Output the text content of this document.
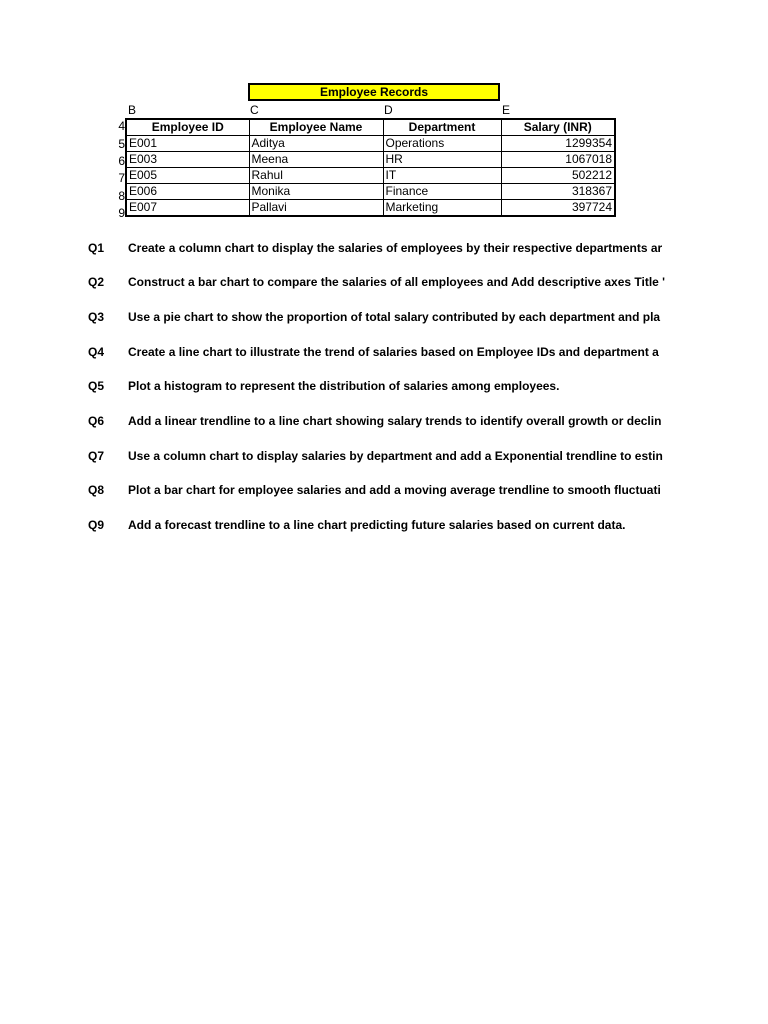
Employee Records
B	C	D	E
4
5
6
7
8
9
Employee ID	Employee Name	Department	Salary (INR)
E001	Aditya	Operations	1299354
E003	Meena	HR	1067018
E005	Rahul	IT	502212
E006	Monika	Finance	318367
E007	Pallavi	Marketing	397724
Q1 Create a column chart to display the salaries of employees by their respective departments ar
Q2 Construct a bar chart to compare the salaries of all employees and Add descriptive axes Title '
Q3 Use a pie chart to show the proportion of total salary contributed by each department and pla
Q4 Create a line chart to illustrate the trend of salaries based on Employee IDs and department a
Q5 Plot a histogram to represent the distribution of salaries among employees.
Q6 Add a linear trendline to a line chart showing salary trends to identify overall growth or declin
Q7 Use a column chart to display salaries by department and add a Exponential trendline to estin
Q8 Plot a bar chart for employee salaries and add a moving average trendline to smooth fluctuati
Q9 Add a forecast trendline to a line chart predicting future salaries based on current data.
